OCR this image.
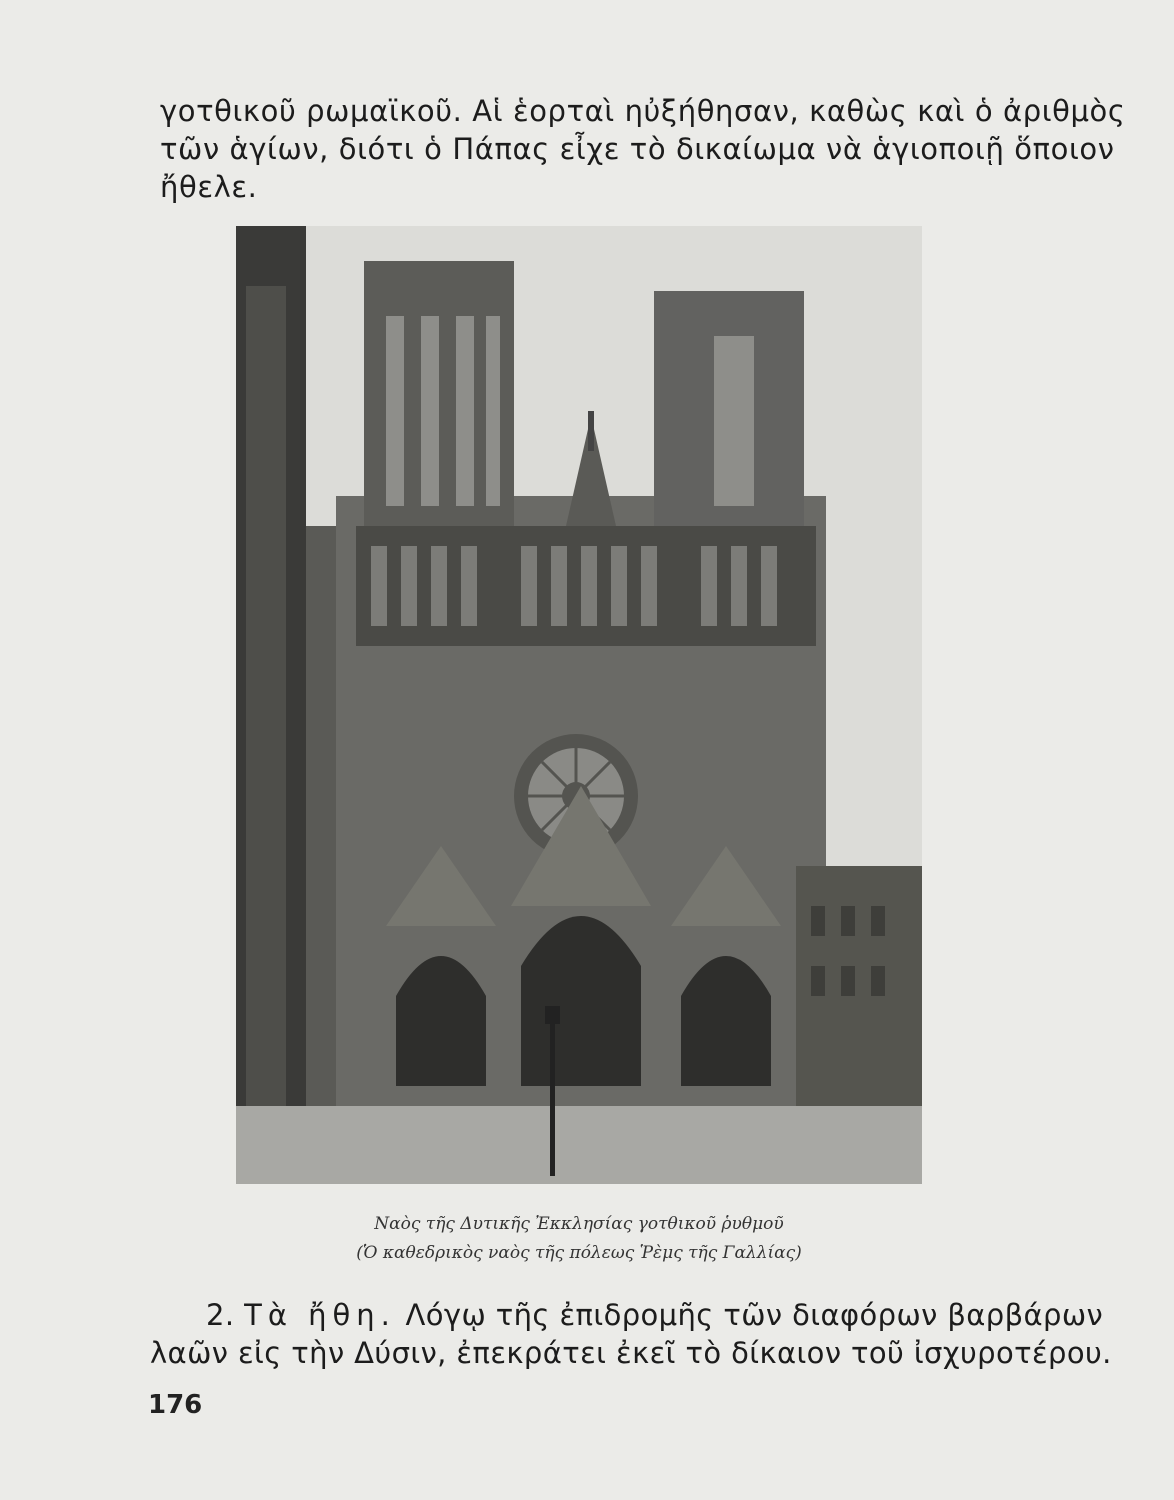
γοτθικοῦ ρωμαϊκοῦ. Αἱ ἑορταὶ ηὐξήθησαν, καθὼς καὶ ὁ ἀριθμὸς
τῶν ἁγίων, διότι ὁ Πάπας εἶχε τὸ δικαίωμα νὰ ἁγιοποιῇ ὅποιον
ἤθελε.
Ναὸς τῆς Δυτικῆς Ἐκκλησίας γοτθικοῦ ῥυθμοῦ
(Ὁ καθεδρικὸς ναὸς τῆς πόλεως Ῥὲμς τῆς Γαλλίας)
2. Τὰ ἤθη. Λόγῳ τῆς ἐπιδρομῆς τῶν διαφόρων βαρβάρων
λαῶν εἰς τὴν Δύσιν, ἐπεκράτει ἐκεῖ τὸ δίκαιον τοῦ ἰσχυροτέρου.
176
